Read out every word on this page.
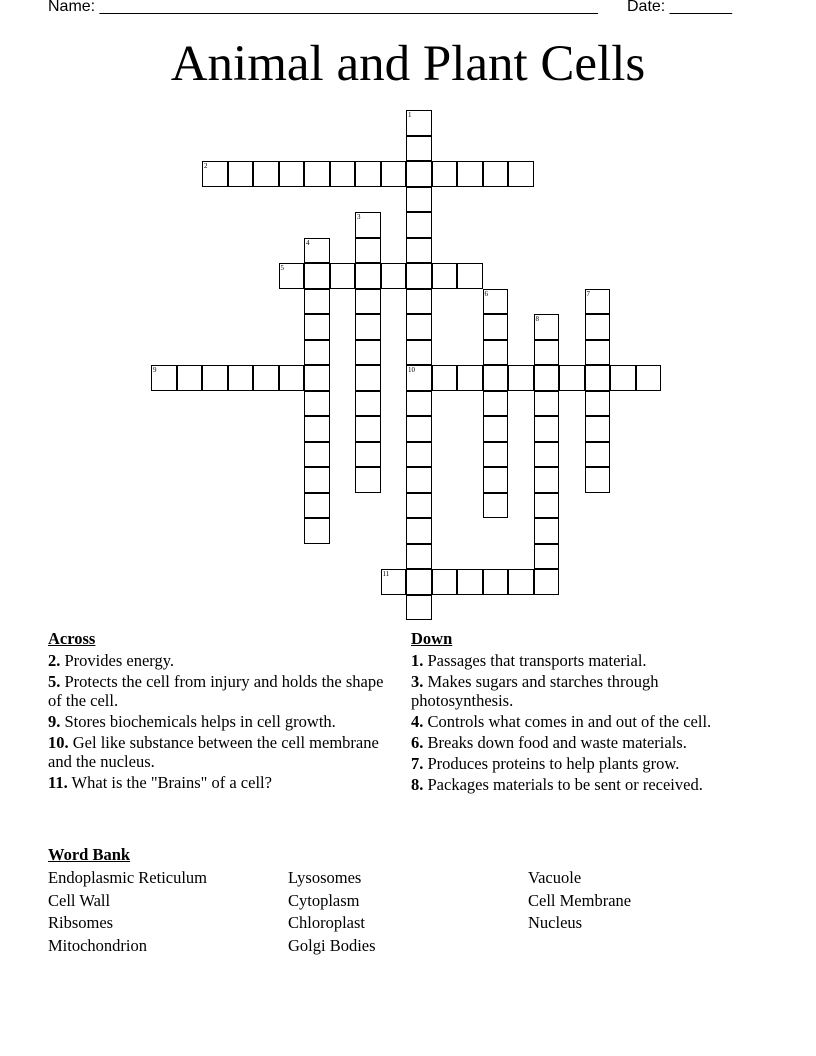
Name: ________________________________________________________ Date: _______
Animal and Plant Cells
1
2
3
4
5
6	7
8
9	10
11
Across

2. Provides energy.

5. Protects the cell from injury and holds the shape of the cell.

9. Stores biochemicals helps in cell growth.

10. Gel like substance between the cell membrane and the nucleus.

11. What is the "Brains" of a cell?

Down

1. Passages that transports material.

3. Makes sugars and starches through photosynthesis.

4. Controls what comes in and out of the cell.

6. Breaks down food and waste materials.

7. Produces proteins to help plants grow.

8. Packages materials to be sent or received.

Word Bank
Endoplasmic Reticulum
Cell Wall
Ribsomes
Mitochondrion
Lysosomes
Cytoplasm
Chloroplast
Golgi Bodies
Vacuole
Cell Membrane
Nucleus
